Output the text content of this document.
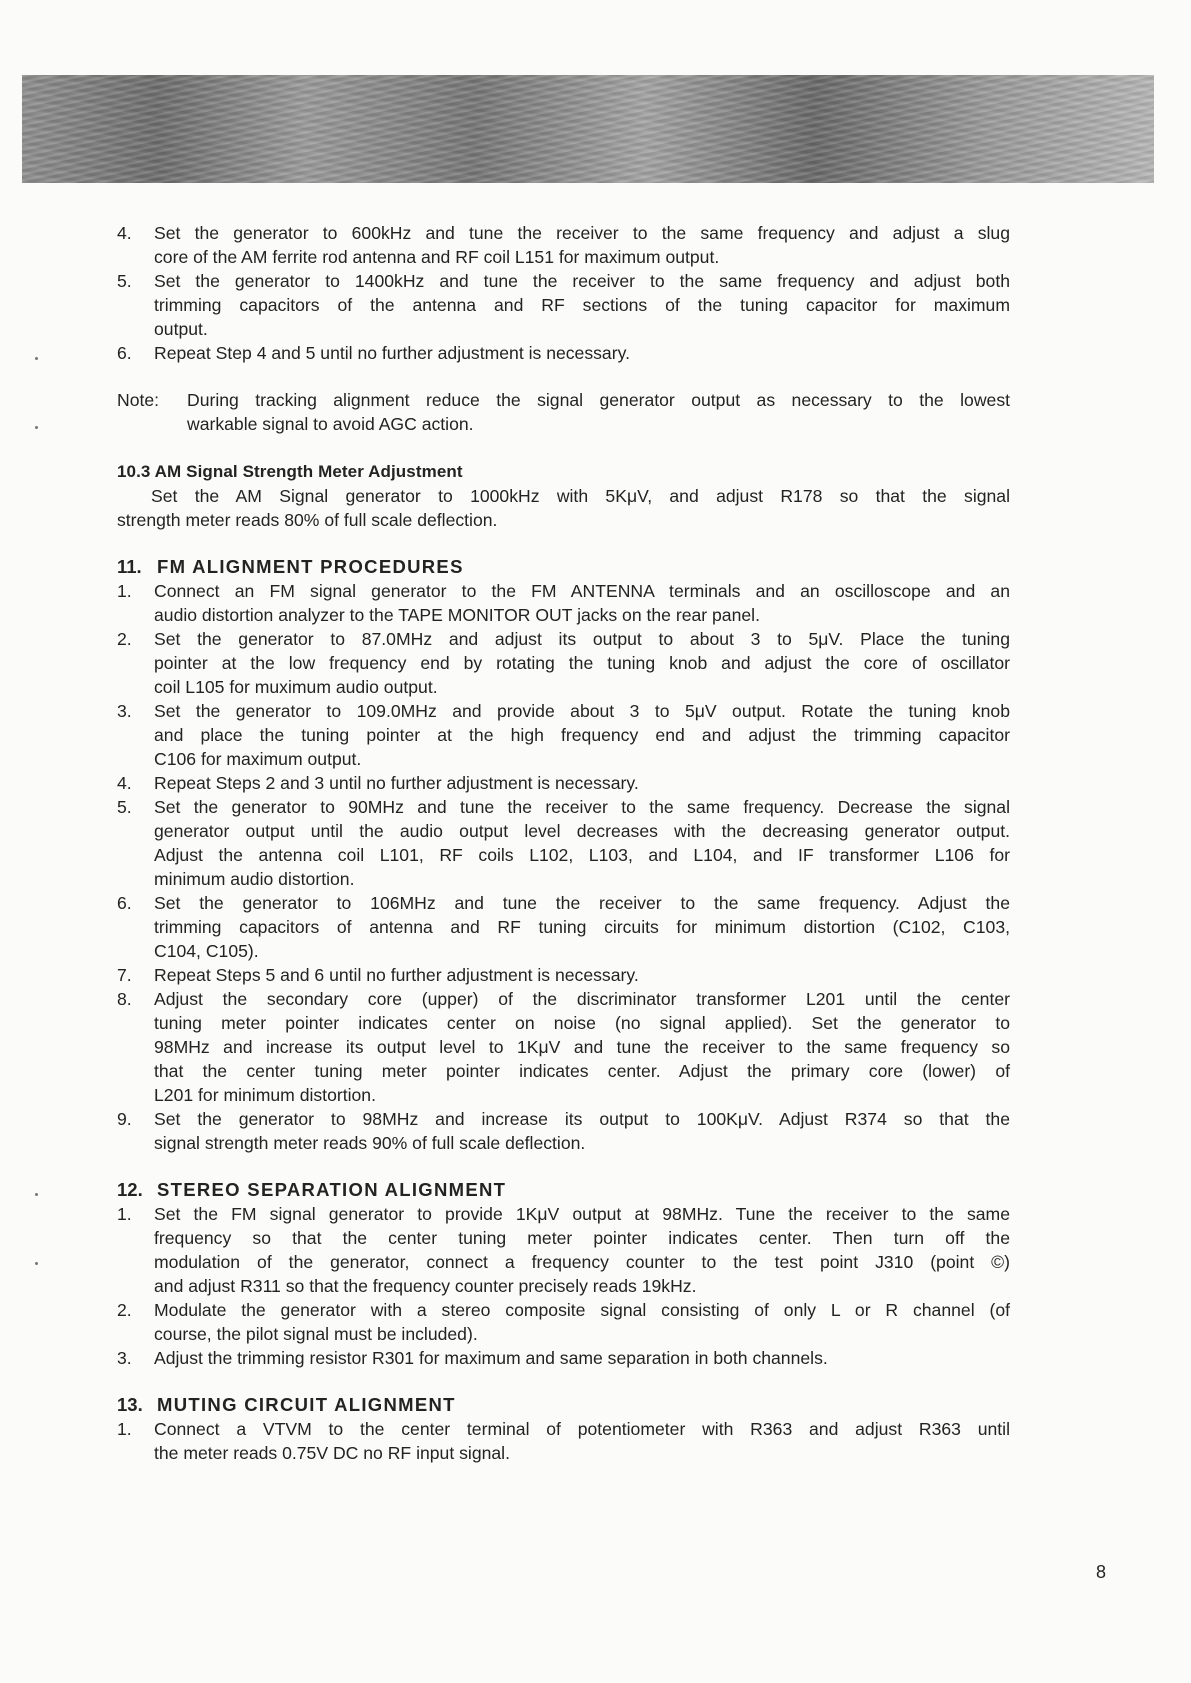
4. Set the generator to 600kHz and tune the receiver to the same frequency and adjust a slug
core of the AM ferrite rod antenna and RF coil L151 for maximum output.
5. Set the generator to 1400kHz and tune the receiver to the same frequency and adjust both
trimming capacitors of the antenna and RF sections of the tuning capacitor for maximum
output.
6. Repeat Step 4 and 5 until no further adjustment is necessary.
Note: During tracking alignment reduce the signal generator output as necessary to the lowest
warkable signal to avoid AGC action.
10.3 AM Signal Strength Meter Adjustment
Set the AM Signal generator to 1000kHz with 5KμV, and adjust R178 so that the signal
strength meter reads 80% of full scale deflection.
11. FM ALIGNMENT PROCEDURES
1. Connect an FM signal generator to the FM ANTENNA terminals and an oscilloscope and an
audio distortion analyzer to the TAPE MONITOR OUT jacks on the rear panel.
2. Set the generator to 87.0MHz and adjust its output to about 3 to 5μV. Place the tuning
pointer at the low frequency end by rotating the tuning knob and adjust the core of oscillator
coil L105 for muximum audio output.
3. Set the generator to 109.0MHz and provide about 3 to 5μV output. Rotate the tuning knob
and place the tuning pointer at the high frequency end and adjust the trimming capacitor
C106 for maximum output.
4. Repeat Steps 2 and 3 until no further adjustment is necessary.
5. Set the generator to 90MHz and tune the receiver to the same frequency. Decrease the signal
generator output until the audio output level decreases with the decreasing generator output.
Adjust the antenna coil L101, RF coils L102, L103, and L104, and IF transformer L106 for
minimum audio distortion.
6. Set the generator to 106MHz and tune the receiver to the same frequency. Adjust the
trimming capacitors of antenna and RF tuning circuits for minimum distortion (C102, C103,
C104, C105).
7. Repeat Steps 5 and 6 until no further adjustment is necessary.
8. Adjust the secondary core (upper) of the discriminator transformer L201 until the center
tuning meter pointer indicates center on noise (no signal applied). Set the generator to
98MHz and increase its output level to 1KμV and tune the receiver to the same frequency so
that the center tuning meter pointer indicates center. Adjust the primary core (lower) of
L201 for minimum distortion.
9. Set the generator to 98MHz and increase its output to 100KμV. Adjust R374 so that the
signal strength meter reads 90% of full scale deflection.
12. STEREO SEPARATION ALIGNMENT
1. Set the FM signal generator to provide 1KμV output at 98MHz. Tune the receiver to the same
frequency so that the center tuning meter pointer indicates center. Then turn off the
modulation of the generator, connect a frequency counter to the test point J310 (point ©)
and adjust R311 so that the frequency counter precisely reads 19kHz.
2. Modulate the generator with a stereo composite signal consisting of only L or R channel (of
course, the pilot signal must be included).
3. Adjust the trimming resistor R301 for maximum and same separation in both channels.
13. MUTING CIRCUIT ALIGNMENT
1. Connect a VTVM to the center terminal of potentiometer with R363 and adjust R363 until
the meter reads 0.75V DC no RF input signal.
8
